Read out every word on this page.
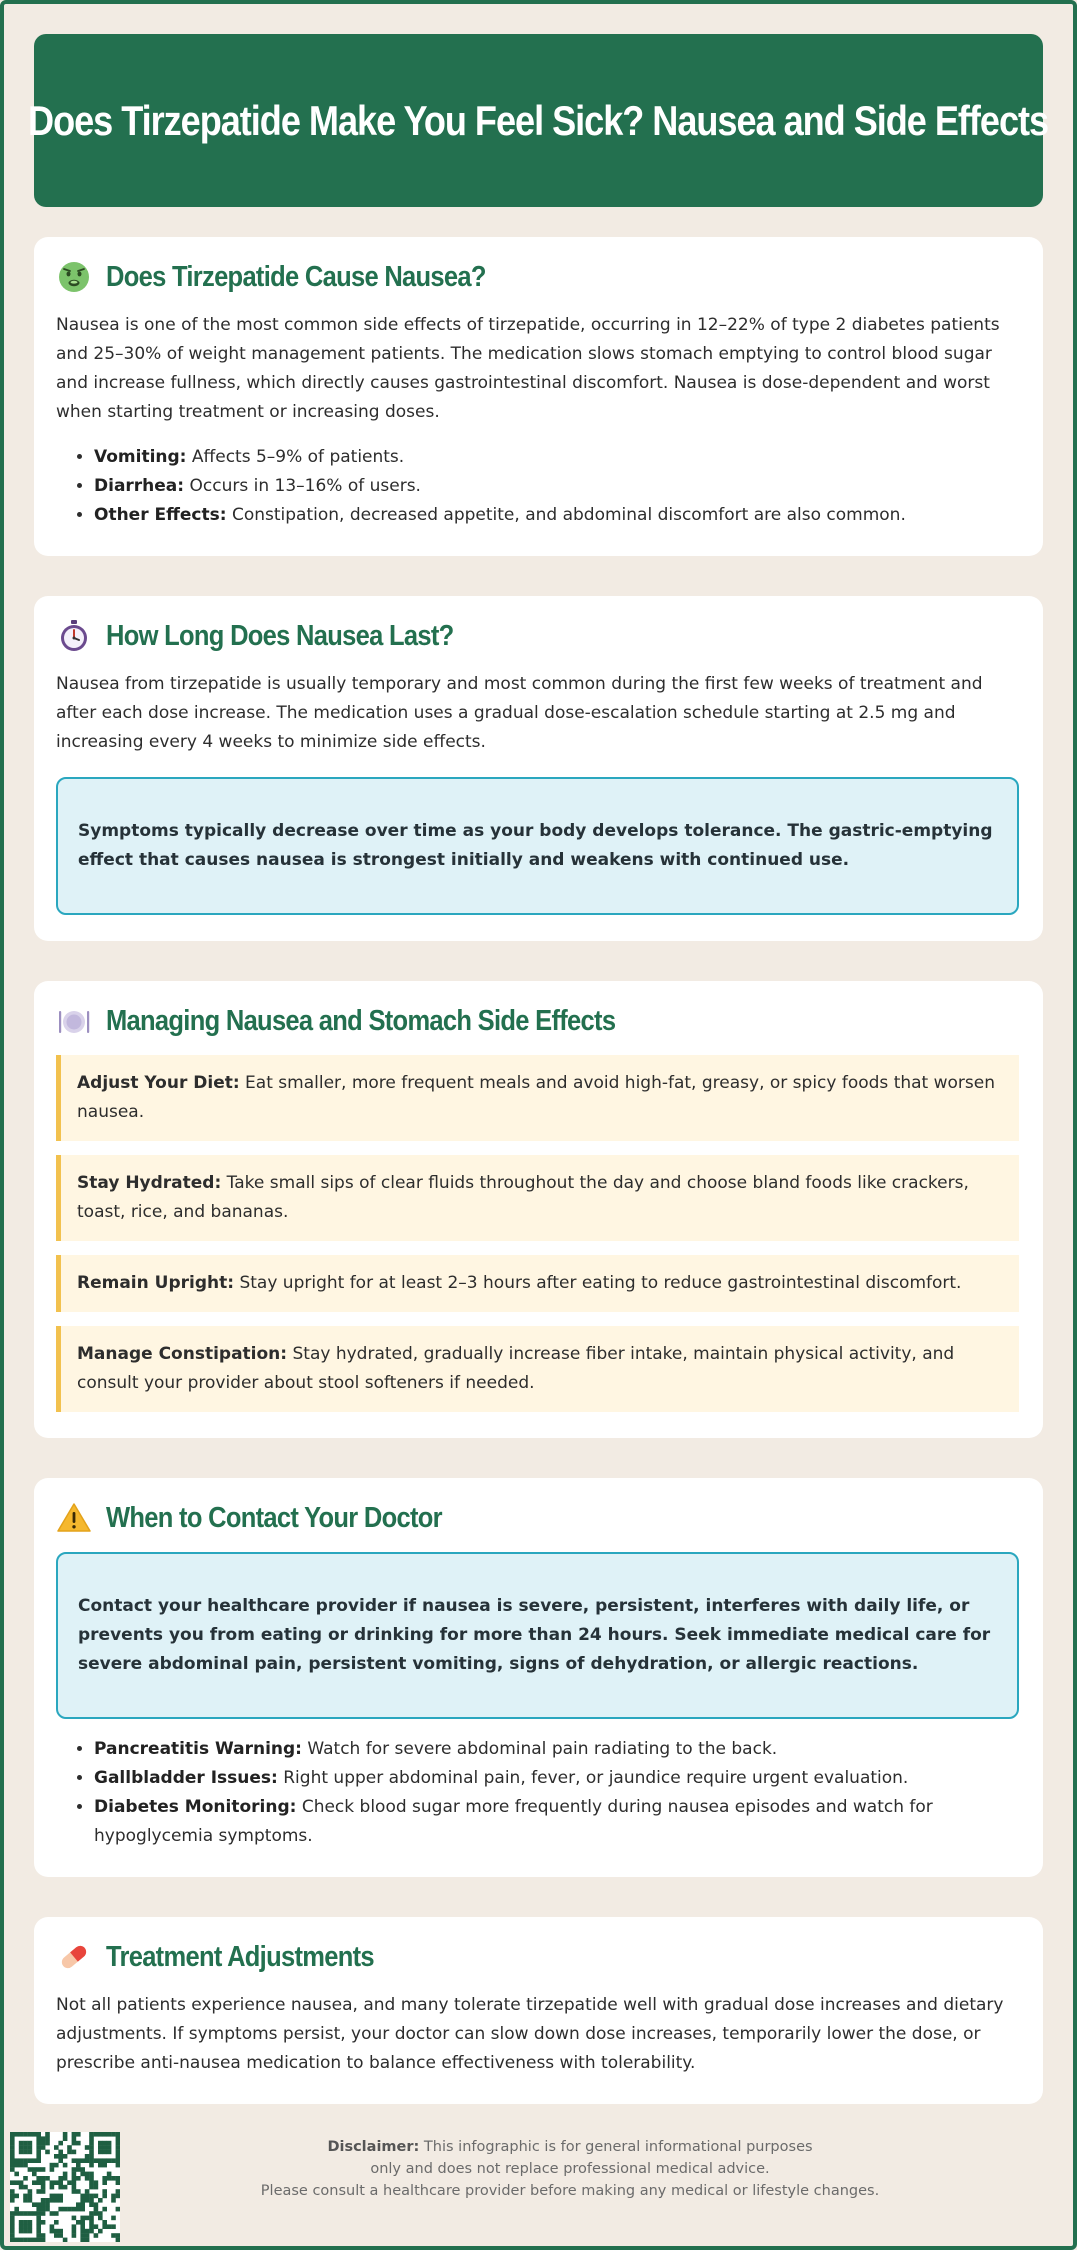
Does Tirzepatide Make You Feel Sick? Nausea and Side Effects
Does Tirzepatide Cause Nausea?

Nausea is one of the most common side effects of tirzepatide, occurring in 12–22% of type 2 diabetes patients and 25–30% of weight management patients. The medication slows stomach emptying to control blood sugar and increase fullness, which directly causes gastrointestinal discomfort. Nausea is dose-dependent and worst when starting treatment or increasing doses.

• Vomiting: Affects 5–9% of patients.
• Diarrhea: Occurs in 13–16% of users.
• Other Effects: Constipation, decreased appetite, and abdominal discomfort are also common.
How Long Does Nausea Last?

Nausea from tirzepatide is usually temporary and most common during the first few weeks of treatment and after each dose increase. The medication uses a gradual dose-escalation schedule starting at 2.5 mg and increasing every 4 weeks to minimize side effects.

Symptoms typically decrease over time as your body develops tolerance. The gastric-emptying effect that causes nausea is strongest initially and weakens with continued use.
Managing Nausea and Stomach Side Effects
Adjust Your Diet: Eat smaller, more frequent meals and avoid high-fat, greasy, or spicy foods that worsen nausea.
Stay Hydrated: Take small sips of clear fluids throughout the day and choose bland foods like crackers, toast, rice, and bananas.
Remain Upright: Stay upright for at least 2–3 hours after eating to reduce gastrointestinal discomfort.
Manage Constipation: Stay hydrated, gradually increase fiber intake, maintain physical activity, and consult your provider about stool softeners if needed.
When to Contact Your Doctor
Contact your healthcare provider if nausea is severe, persistent, interferes with daily life, or prevents you from eating or drinking for more than 24 hours. Seek immediate medical care for severe abdominal pain, persistent vomiting, signs of dehydration, or allergic reactions.
• Pancreatitis Warning: Watch for severe abdominal pain radiating to the back.
• Gallbladder Issues: Right upper abdominal pain, fever, or jaundice require urgent evaluation.
• Diabetes Monitoring: Check blood sugar more frequently during nausea episodes and watch for hypoglycemia symptoms.
Treatment Adjustments

Not all patients experience nausea, and many tolerate tirzepatide well with gradual dose increases and dietary adjustments. If symptoms persist, your doctor can slow down dose increases, temporarily lower the dose, or prescribe anti-nausea medication to balance effectiveness with tolerability.

Disclaimer: This infographic is for general informational purposes
only and does not replace professional medical advice.
Please consult a healthcare provider before making any medical or lifestyle changes.
